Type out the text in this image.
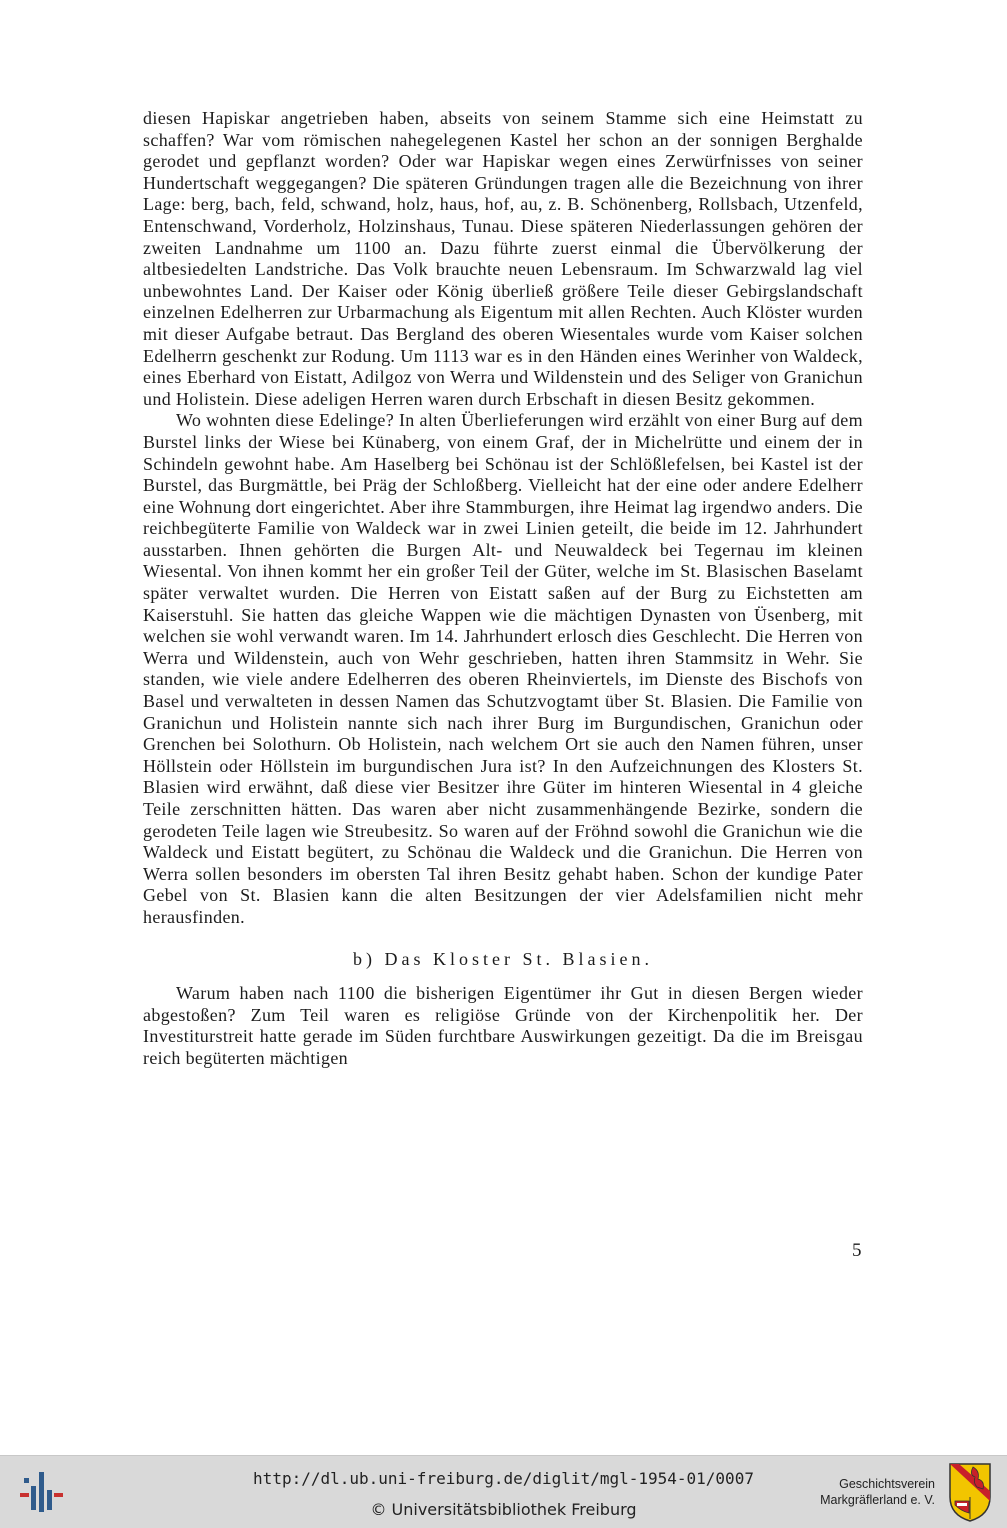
diesen Hapiskar angetrieben haben, abseits von seinem Stamme sich eine Heimstatt zu schaffen? War vom römischen nahegelegenen Kastel her schon an der sonnigen Berghalde gerodet und gepflanzt worden? Oder war Hapiskar wegen eines Zerwürfnisses von seiner Hundertschaft weggegangen? Die späteren Gründungen tragen alle die Bezeichnung von ihrer Lage: berg, bach, feld, schwand, holz, haus, hof, au, z. B. Schönenberg, Rollsbach, Utzenfeld, Entenschwand, Vorderholz, Holzinshaus, Tunau. Diese späteren Niederlassungen gehören der zweiten Landnahme um 1100 an. Dazu führte zuerst einmal die Übervölkerung der altbesiedelten Landstriche. Das Volk brauchte neuen Lebensraum. Im Schwarzwald lag viel unbewohntes Land. Der Kaiser oder König überließ größere Teile dieser Gebirgslandschaft einzelnen Edelherren zur Urbarmachung als Eigentum mit allen Rechten. Auch Klöster wurden mit dieser Aufgabe betraut. Das Bergland des oberen Wiesentales wurde vom Kaiser solchen Edelherrn geschenkt zur Rodung. Um 1113 war es in den Händen eines Werinher von Waldeck, eines Eberhard von Eistatt, Adilgoz von Werra und Wildenstein und des Seliger von Granichun und Holistein. Diese adeligen Herren waren durch Erbschaft in diesen Besitz gekommen.

Wo wohnten diese Edelinge? In alten Überlieferungen wird erzählt von einer Burg auf dem Burstel links der Wiese bei Künaberg, von einem Graf, der in Michelrütte und einem der in Schindeln gewohnt habe. Am Haselberg bei Schönau ist der Schlößlefelsen, bei Kastel ist der Burstel, das Burgmättle, bei Präg der Schloßberg. Vielleicht hat der eine oder andere Edelherr eine Wohnung dort eingerichtet. Aber ihre Stammburgen, ihre Heimat lag irgendwo anders. Die reichbegüterte Familie von Waldeck war in zwei Linien geteilt, die beide im 12. Jahrhundert ausstarben. Ihnen gehörten die Burgen Alt- und Neuwaldeck bei Tegernau im kleinen Wiesental. Von ihnen kommt her ein großer Teil der Güter, welche im St. Blasischen Baselamt später verwaltet wurden. Die Herren von Eistatt saßen auf der Burg zu Eichstetten am Kaiserstuhl. Sie hatten das gleiche Wappen wie die mächtigen Dynasten von Üsenberg, mit welchen sie wohl verwandt waren. Im 14. Jahrhundert erlosch dies Geschlecht. Die Herren von Werra und Wildenstein, auch von Wehr geschrieben, hatten ihren Stammsitz in Wehr. Sie standen, wie viele andere Edelherren des oberen Rheinviertels, im Dienste des Bischofs von Basel und verwalteten in dessen Namen das Schutzvogtamt über St. Blasien. Die Familie von Granichun und Holistein nannte sich nach ihrer Burg im Burgundischen, Granichun oder Grenchen bei Solothurn. Ob Holistein, nach welchem Ort sie auch den Namen führen, unser Höllstein oder Höllstein im burgundischen Jura ist? In den Aufzeichnungen des Klosters St. Blasien wird erwähnt, daß diese vier Besitzer ihre Güter im hinteren Wiesental in 4 gleiche Teile zerschnitten hätten. Das waren aber nicht zusammenhängende Bezirke, sondern die gerodeten Teile lagen wie Streubesitz. So waren auf der Fröhnd sowohl die Granichun wie die Waldeck und Eistatt begütert, zu Schönau die Waldeck und die Granichun. Die Herren von Werra sollen besonders im obersten Tal ihren Besitz gehabt haben. Schon der kundige Pater Gebel von St. Blasien kann die alten Besitzungen der vier Adelsfamilien nicht mehr herausfinden.

b) Das Kloster St. Blasien.

Warum haben nach 1100 die bisherigen Eigentümer ihr Gut in diesen Bergen wieder abgestoßen? Zum Teil waren es religiöse Gründe von der Kirchenpolitik her. Der Investiturstreit hatte gerade im Süden furchtbare Auswirkungen gezeitigt. Da die im Breisgau reich begüterten mächtigen

5
http://dl.ub.uni-freiburg.de/diglit/mgl-1954-01/0007
© Universitätsbibliothek Freiburg
Geschichtsverein
Markgräflerland e. V.
